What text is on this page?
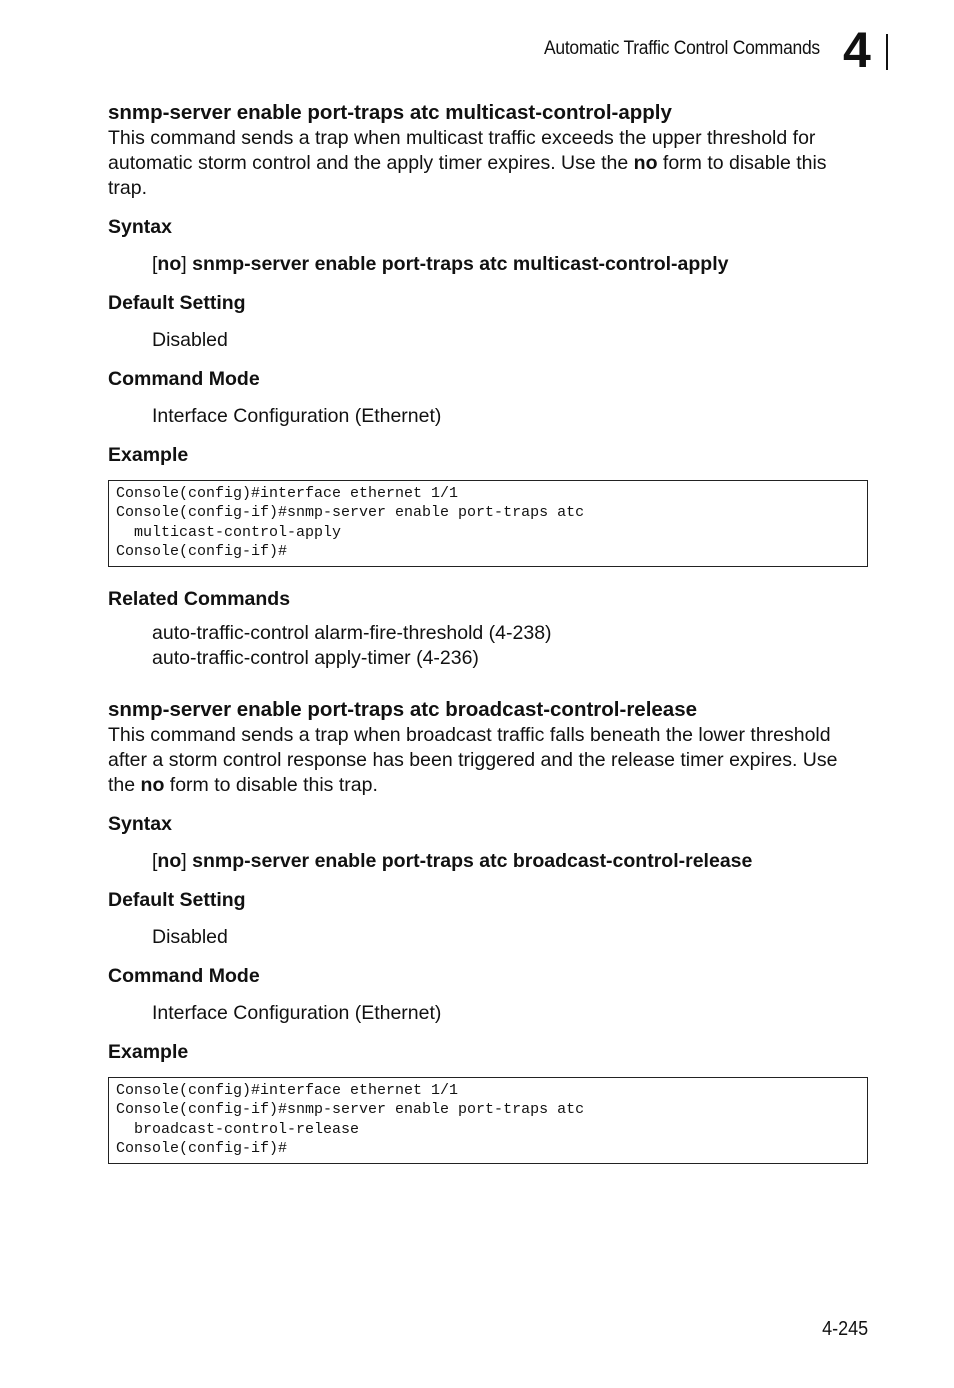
Automatic Traffic Control Commands 4
snmp-server enable port-traps atc multicast-control-apply

This command sends a trap when multicast traffic exceeds the upper threshold for automatic storm control and the apply timer expires. Use the no form to disable this trap.

Syntax
[no] snmp-server enable port-traps atc multicast-control-apply
Default Setting
Disabled
Command Mode
Interface Configuration (Ethernet)
Example
Console(config)#interface ethernet 1/1
Console(config-if)#snmp-server enable port-traps atc
multicast-control-apply
Console(config-if)#
Related Commands
auto-traffic-control alarm-fire-threshold (4-238)
auto-traffic-control apply-timer (4-236)
snmp-server enable port-traps atc broadcast-control-release

This command sends a trap when broadcast traffic falls beneath the lower threshold after a storm control response has been triggered and the release timer expires. Use the no form to disable this trap.

Syntax
[no] snmp-server enable port-traps atc broadcast-control-release
Default Setting
Disabled
Command Mode
Interface Configuration (Ethernet)
Example
Console(config)#interface ethernet 1/1
Console(config-if)#snmp-server enable port-traps atc
broadcast-control-release
Console(config-if)#
4-245
